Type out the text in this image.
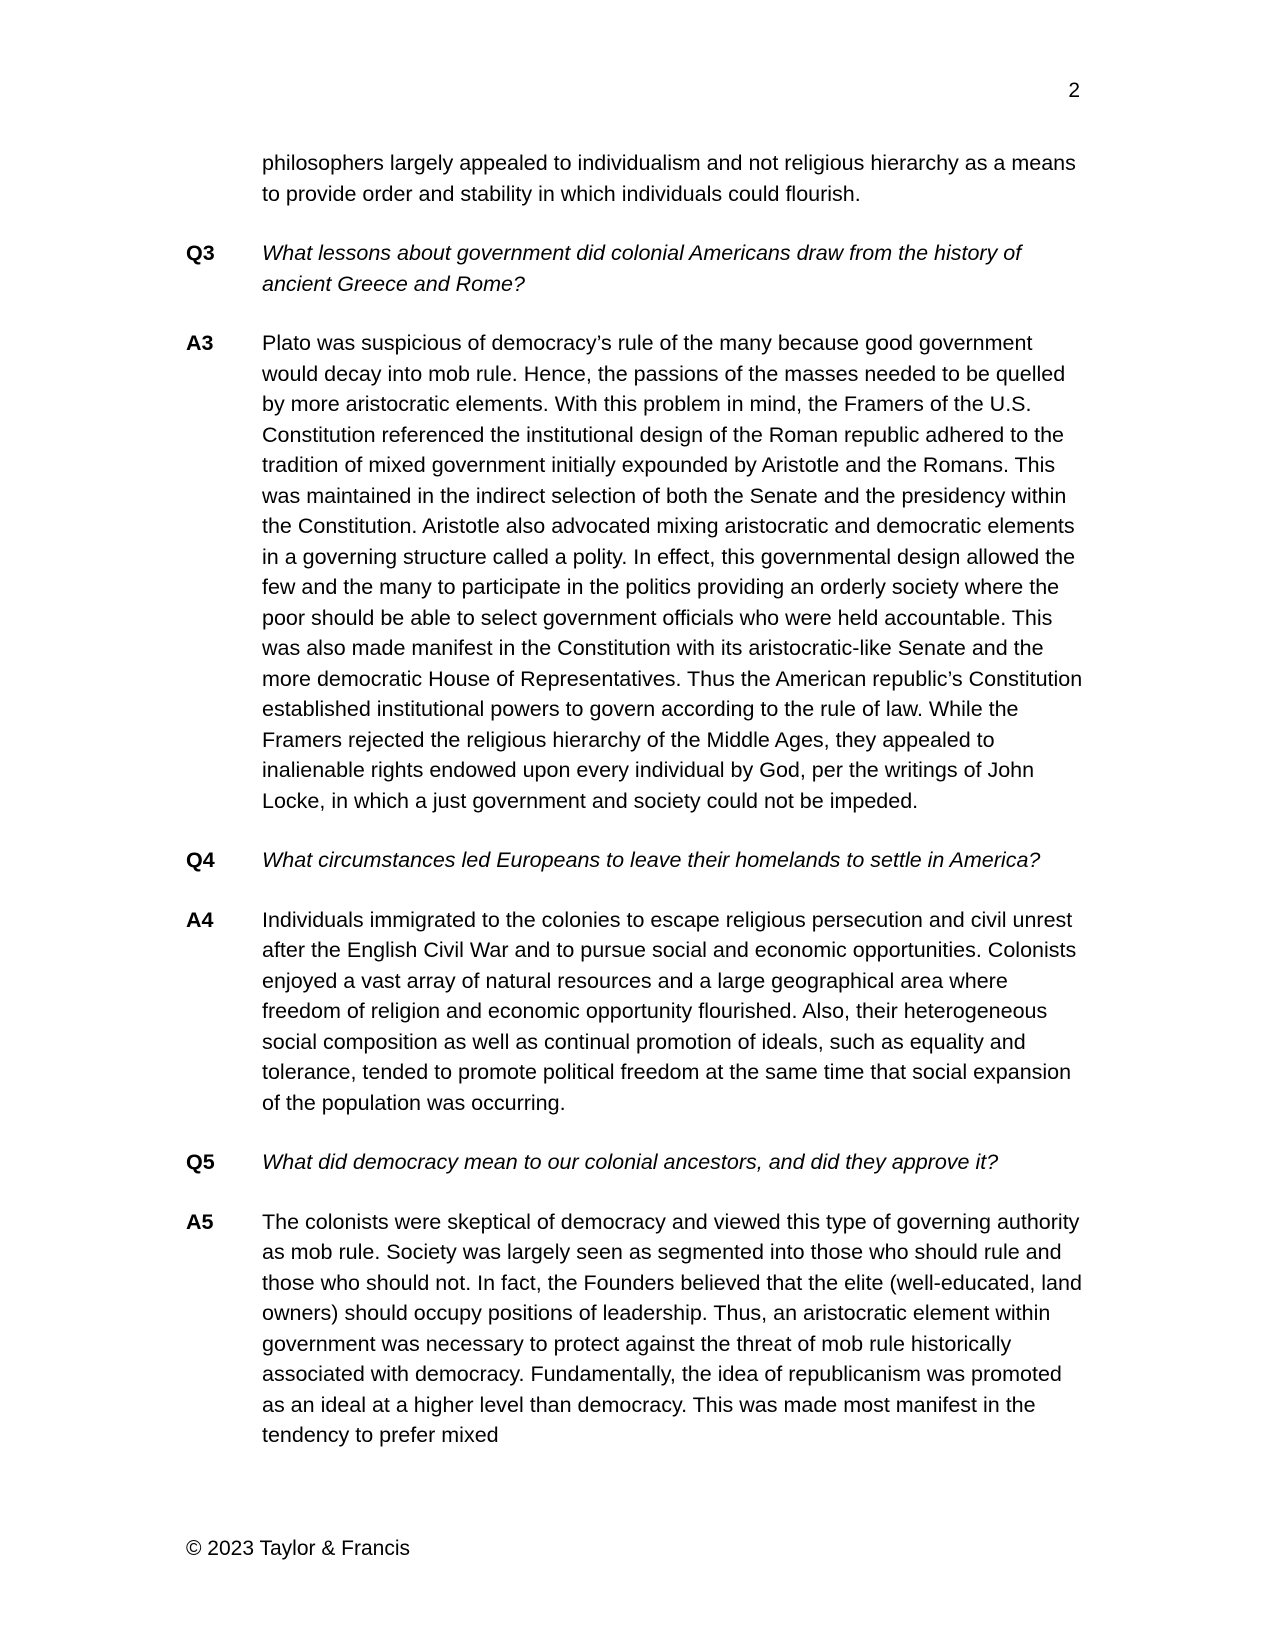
2

philosophers largely appealed to individualism and not religious hierarchy as a means to provide order and stability in which individuals could flourish.

Q3	What lessons about government did colonial Americans draw from the history of ancient Greece and Rome?
A3	Plato was suspicious of democracy’s rule of the many because good government would decay into mob rule. Hence, the passions of the masses needed to be quelled by more aristocratic elements. With this problem in mind, the Framers of the U.S. Constitution referenced the institutional design of the Roman republic adhered to the tradition of mixed government initially expounded by Aristotle and the Romans. This was maintained in the indirect selection of both the Senate and the presidency within the Constitution. Aristotle also advocated mixing aristocratic and democratic elements in a governing structure called a polity. In effect, this governmental design allowed the few and the many to participate in the politics providing an orderly society where the poor should be able to select government officials who were held accountable. This was also made manifest in the Constitution with its aristocratic-like Senate and the more democratic House of Representatives. Thus the American republic’s Constitution established institutional powers to govern according to the rule of law. While the Framers rejected the religious hierarchy of the Middle Ages, they appealed to inalienable rights endowed upon every individual by God, per the writings of John Locke, in which a just government and society could not be impeded.
Q4	What circumstances led Europeans to leave their homelands to settle in America?
A4	Individuals immigrated to the colonies to escape religious persecution and civil unrest after the English Civil War and to pursue social and economic opportunities. Colonists enjoyed a vast array of natural resources and a large geographical area where freedom of religion and economic opportunity flourished. Also, their heterogeneous social composition as well as continual promotion of ideals, such as equality and tolerance, tended to promote political freedom at the same time that social expansion of the population was occurring.
Q5	What did democracy mean to our colonial ancestors, and did they approve it?
A5	The colonists were skeptical of democracy and viewed this type of governing authority as mob rule. Society was largely seen as segmented into those who should rule and those who should not. In fact, the Founders believed that the elite (well-educated, land owners) should occupy positions of leadership. Thus, an aristocratic element within government was necessary to protect against the threat of mob rule historically associated with democracy. Fundamentally, the idea of republicanism was promoted as an ideal at a higher level than democracy. This was made most manifest in the tendency to prefer mixed
© 2023 Taylor & Francis
